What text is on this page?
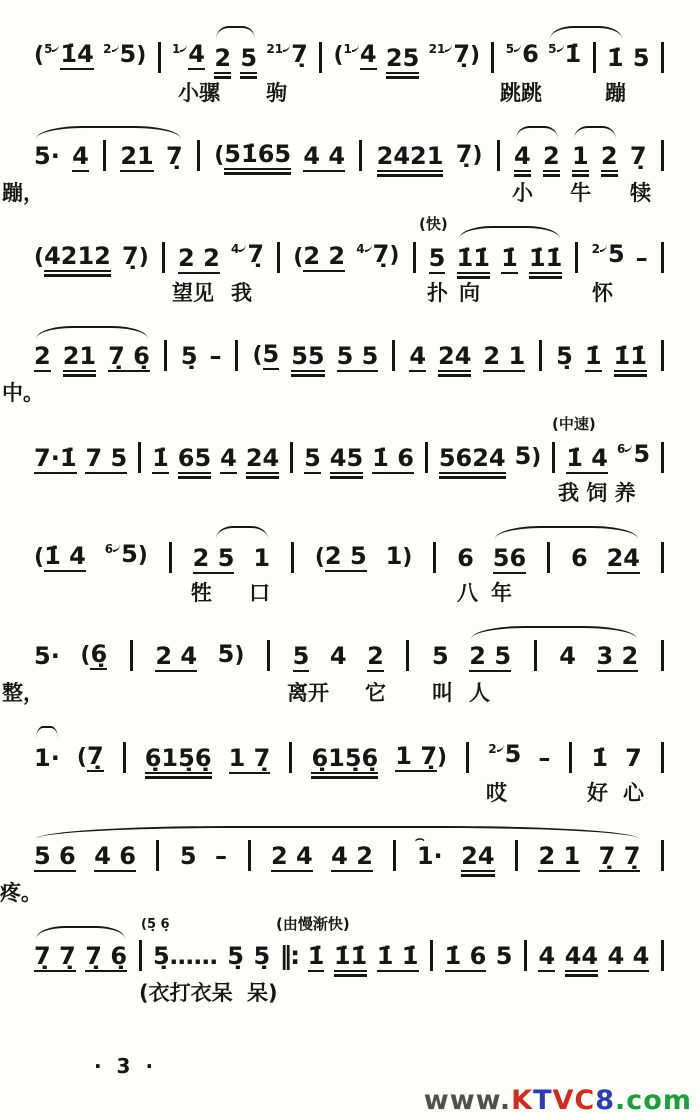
($^5$ 1̇4 $^2$ 5) $^1$ 4 2 5 $^{21}$ 7̣ ($^1$ 4 25 $^{21}$ 7̣) $^5$ 6 $^5$ 1̇ 1̇ 5
小骡 驹	跳跳	蹦
5· 4 21 7̣ (51̇65 4 4 2421 7̣) 4 2 1 2 7̣
蹦，	小 牛 犊
(4212 7̣) 2 2 $^4$ 7̣ (2 2 $^4$ 7̣) 5 1̇1̇ 1̇ 1̇1̇ $^2$ 5 –
(快)
望见 我	扑 向	怀
2 21 7̣ 6̣ 5̣ – (5 55 5 5 4 24 2 1 5̣ 1̇ 1̇1̇
中。
7·1̇ 7 5 1̇ 65 4 24 5 45 1̇ 6 5624 5) 1̇ 4 $^6$ 5
(中速)
我 饲 养
(1̇ 4 $^6$ 5) 2 5 1 (2 5 1) 6 56 6 24
牲 口	八 年
5· (6̣ 2 4 5) 5 4 2 5 2 5 4 3 2
整，	离开 它 叫 人
1· (7̣ 6̣15̣6̣ 1 7̣ 6̣15̣6̣ 1 7̣
)	$^2$ 5 – 1̇ 7
哎	好 心
5 6 4 6 5 – 2 4 4 2 1·
⌢
24 2 1 7̣ 7̣
疼。
7̣ 7̣ 7̣ 6̣ 5̣…… 5̣ 5̣ ‖: 1̇ 1̇1̇ 1̇ 1̇ 1̇ 6 5 4 44 4 4
(5̣ 6̣	(由慢渐快)
(衣打衣呆 呆)
· 3 ·
www.KTVC8.com
